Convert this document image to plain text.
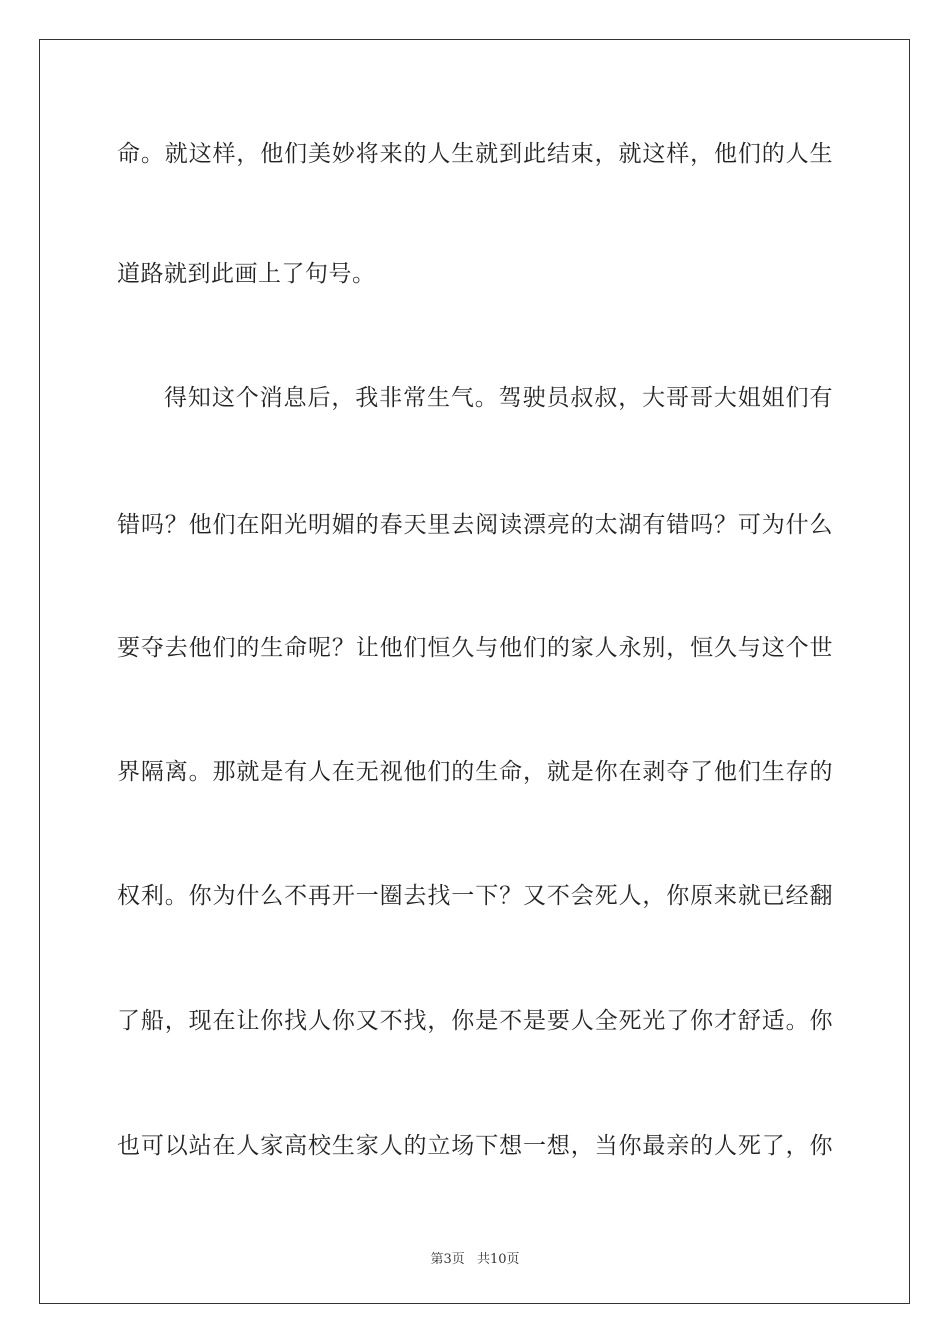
命。就这样，他们美妙将来的人生就到此结束，就这样，他们的人生
道路就到此画上了句号。
得知这个消息后，我非常生气。驾驶员叔叔，大哥哥大姐姐们有
错吗？他们在阳光明媚的春天里去阅读漂亮的太湖有错吗？可为什么
要夺去他们的生命呢？让他们恒久与他们的家人永别，恒久与这个世
界隔离。那就是有人在无视他们的生命，就是你在剥夺了他们生存的
权利。你为什么不再开一圈去找一下？又不会死人，你原来就已经翻
了船，现在让你找人你又不找，你是不是要人全死光了你才舒适。你
也可以站在人家高校生家人的立场下想一想，当你最亲的人死了，你
第3页 共10页
